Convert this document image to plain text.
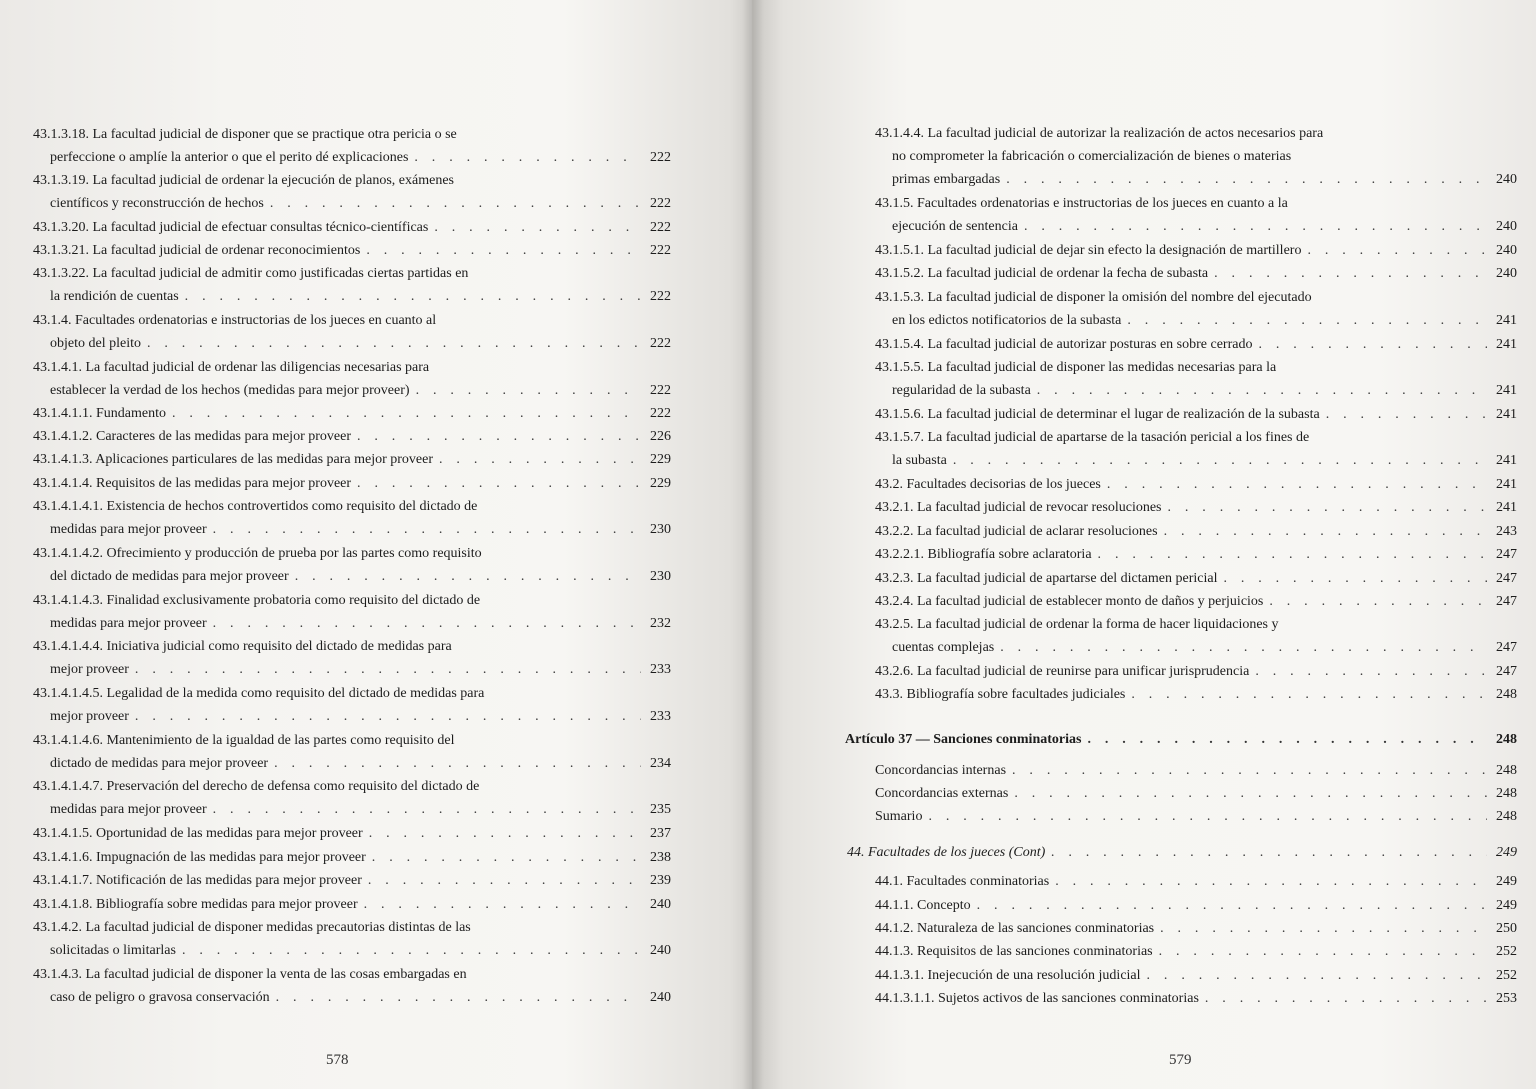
43.1.3.18. La facultad judicial de disponer que se practique otra pericia o se
perfeccione o amplíe la anterior o que el perito dé explicaciones . . .	222
43.1.3.19. La facultad judicial de ordenar la ejecución de planos, exámenes
científicos y reconstrucción de hechos . . .	222
43.1.3.20. La facultad judicial de efectuar consultas técnico-científicas . . .	222
43.1.3.21. La facultad judicial de ordenar reconocimientos . . .	222
43.1.3.22. La facultad judicial de admitir como justificadas ciertas partidas en
la rendición de cuentas . . .	222
43.1.4. Facultades ordenatorias e instructorias de los jueces en cuanto al
objeto del pleito . . .	222
43.1.4.1. La facultad judicial de ordenar las diligencias necesarias para
establecer la verdad de los hechos (medidas para mejor proveer) . . .	222
43.1.4.1.1. Fundamento . . .	222
43.1.4.1.2. Caracteres de las medidas para mejor proveer . . .	226
43.1.4.1.3. Aplicaciones particulares de las medidas para mejor proveer . . .	229
43.1.4.1.4. Requisitos de las medidas para mejor proveer . . .	229
43.1.4.1.4.1. Existencia de hechos controvertidos como requisito del dictado de
medidas para mejor proveer . . .	230
43.1.4.1.4.2. Ofrecimiento y producción de prueba por las partes como requisito
del dictado de medidas para mejor proveer . . .	230
43.1.4.1.4.3. Finalidad exclusivamente probatoria como requisito del dictado de
medidas para mejor proveer . . .	232
43.1.4.1.4.4. Iniciativa judicial como requisito del dictado de medidas para
mejor proveer . . .	233
43.1.4.1.4.5. Legalidad de la medida como requisito del dictado de medidas para
mejor proveer . . .	233
43.1.4.1.4.6. Mantenimiento de la igualdad de las partes como requisito del
dictado de medidas para mejor proveer . . .	234
43.1.4.1.4.7. Preservación del derecho de defensa como requisito del dictado de
medidas para mejor proveer . . .	235
43.1.4.1.5. Oportunidad de las medidas para mejor proveer . . .	237
43.1.4.1.6. Impugnación de las medidas para mejor proveer . . .	238
43.1.4.1.7. Notificación de las medidas para mejor proveer . . .	239
43.1.4.1.8. Bibliografía sobre medidas para mejor proveer . . .	240
43.1.4.2. La facultad judicial de disponer medidas precautorias distintas de las
solicitadas o limitarlas . . .	240
43.1.4.3. La facultad judicial de disponer la venta de las cosas embargadas en
caso de peligro o gravosa conservación . . .	240
578
43.1.4.4. La facultad judicial de autorizar la realización de actos necesarios para
no comprometer la fabricación o comercialización de bienes o materias
primas embargadas . . .	240
43.1.5. Facultades ordenatorias e instructorias de los jueces en cuanto a la
ejecución de sentencia . . .	240
43.1.5.1. La facultad judicial de dejar sin efecto la designación de martillero . . .	240
43.1.5.2. La facultad judicial de ordenar la fecha de subasta . . .	240
43.1.5.3. La facultad judicial de disponer la omisión del nombre del ejecutado
en los edictos notificatorios de la subasta . . .	241
43.1.5.4. La facultad judicial de autorizar posturas en sobre cerrado . . .	241
43.1.5.5. La facultad judicial de disponer las medidas necesarias para la
regularidad de la subasta . . .	241
43.1.5.6. La facultad judicial de determinar el lugar de realización de la subasta . . .	241
43.1.5.7. La facultad judicial de apartarse de la tasación pericial a los fines de
la subasta . . .	241
43.2. Facultades decisorias de los jueces . . .	241
43.2.1. La facultad judicial de revocar resoluciones . . .	241
43.2.2. La facultad judicial de aclarar resoluciones . . .	243
43.2.2.1. Bibliografía sobre aclaratoria . . .	247
43.2.3. La facultad judicial de apartarse del dictamen pericial . . .	247
43.2.4. La facultad judicial de establecer monto de daños y perjuicios . . .	247
43.2.5. La facultad judicial de ordenar la forma de hacer liquidaciones y
cuentas complejas . . .	247
43.2.6. La facultad judicial de reunirse para unificar jurisprudencia . . .	247
43.3. Bibliografía sobre facultades judiciales . . .	248
Artículo 37 — Sanciones conminatorias . . .	248
Concordancias internas . . .	248
Concordancias externas . . .	248
Sumario . . .	248
44. Facultades de los jueces (Cont) . . .	249
44.1. Facultades conminatorias . . .	249
44.1.1. Concepto . . .	249
44.1.2. Naturaleza de las sanciones conminatorias . . .	250
44.1.3. Requisitos de las sanciones conminatorias . . .	252
44.1.3.1. Inejecución de una resolución judicial . . .	252
44.1.3.1.1. Sujetos activos de las sanciones conminatorias . . .	253
579
